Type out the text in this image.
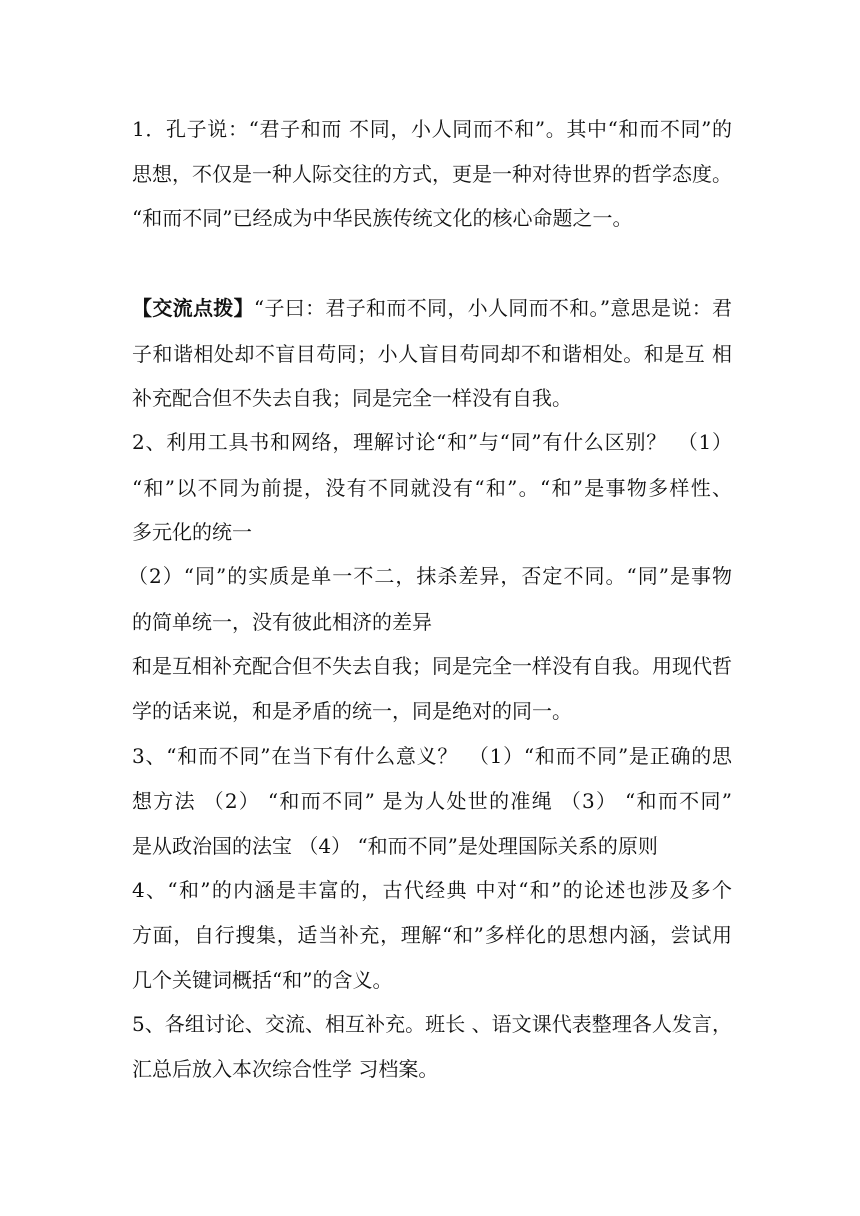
1．孔子说：“君子和而 不同，小人同而不和”。其中“和而不同”的
思想，不仅是一种人际交往的方式，更是一种对待世界的哲学态度。
“和而不同”已经成为中华民族传统文化的核心命题之一。
【交流点拨】“子曰：君子和而不同，小人同而不和。”意思是说：君
子和谐相处却不盲目苟同；小人盲目苟同却不和谐相处。和是互 相
补充配合但不失去自我；同是完全一样没有自我。
2、利用工具书和网络，理解讨论“和”与“同”有什么区别？　（1）
“和”以不同为前提，没有不同就没有“和”。“和”是事物多样性、
多元化的统一
（2）“同”的实质是单一不二，抹杀差异，否定不同。“同”是事物
的简单统一，没有彼此相济的差异
和是互相补充配合但不失去自我；同是完全一样没有自我。用现代哲
学的话来说，和是矛盾的统一，同是绝对的同一。
3、“和而不同”在当下有什么意义？　（1）“和而不同”是正确的思
想方法 （2） “和而不同” 是为人处世的准绳 （3） “和而不同”
是从政治国的法宝 （4） “和而不同”是处理国际关系的原则
4、“和”的内涵是丰富的，古代经典 中对“和”的论述也涉及多个
方面，自行搜集，适当补充，理解“和”多样化的思想内涵，尝试用
几个关键词概括“和”的含义。
5、各组讨论、交流、相互补充。班长 、语文课代表整理各人发言，
汇总后放入本次综合性学 习档案。
